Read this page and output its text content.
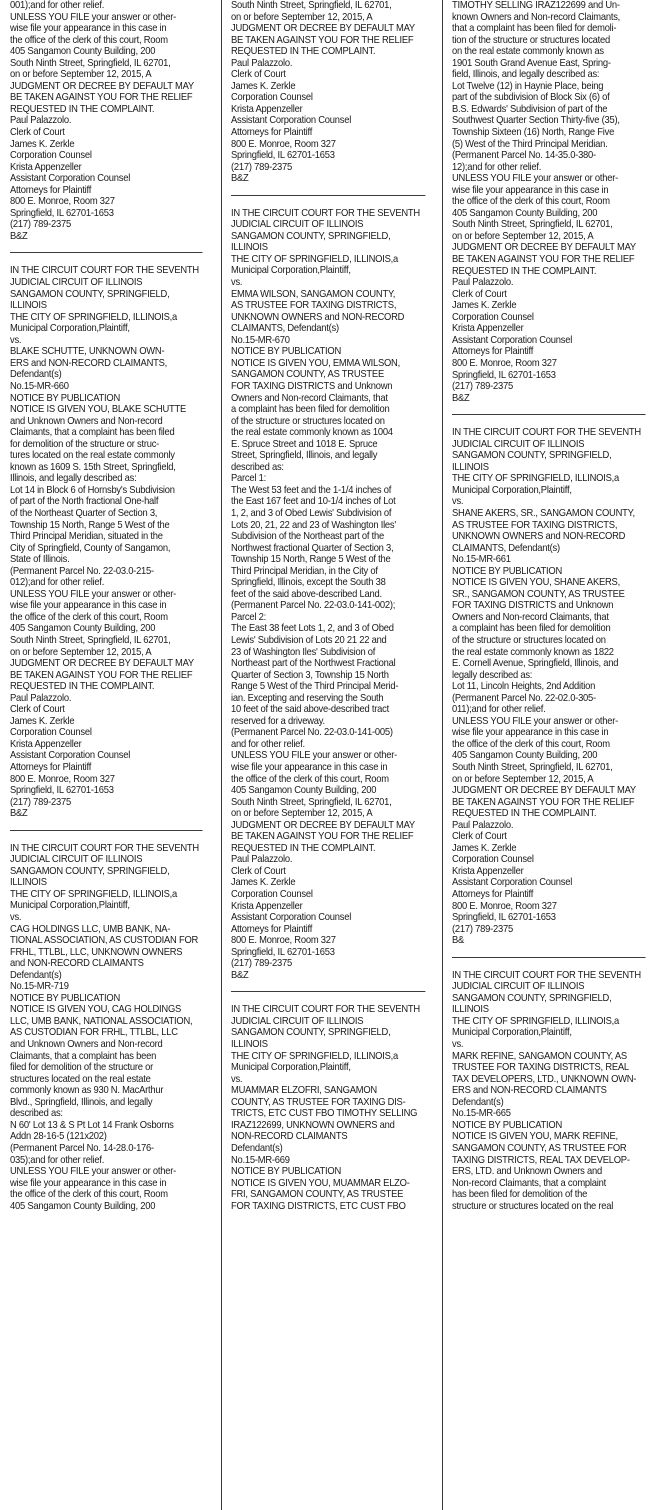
001);and for other relief.
UNLESS YOU FILE your answer or other-
wise file your appearance in this case in
the office of the clerk of this court, Room
405 Sangamon County Building, 200
South Ninth Street, Springfield, IL 62701,
on or before September 12, 2015, A
JUDGMENT OR DECREE BY DEFAULT MAY
BE TAKEN AGAINST YOU FOR THE RELIEF
REQUESTED IN THE COMPLAINT.
Paul Palazzolo.
Clerk of Court
James K. Zerkle
Corporation Counsel
Krista Appenzeller
Assistant Corporation Counsel
Attorneys for Plaintiff
800 E. Monroe, Room 327
Springfield, IL 62701-1653
(217) 789-2375
B&Z
IN THE CIRCUIT COURT FOR THE SEVENTH
JUDICIAL CIRCUIT OF ILLINOIS
SANGAMON COUNTY, SPRINGFIELD,
ILLINOIS
THE CITY OF SPRINGFIELD, ILLINOIS,a
Municipal Corporation,Plaintiff,
vs.
BLAKE SCHUTTE, UNKNOWN OWN-
ERS and NON-RECORD CLAIMANTS,
Defendant(s)
No.15-MR-660
NOTICE BY PUBLICATION
NOTICE IS GIVEN YOU, BLAKE SCHUTTE
and Unknown Owners and Non-record
Claimants, that a complaint has been filed
for demolition of the structure or struc-
tures located on the real estate commonly
known as 1609 S. 15th Street, Springfield,
Illinois, and legally described as:
Lot 14 in Block 6 of Hornsby's Subdivision
of part of the North fractional One-half
of the Northeast Quarter of Section 3,
Township 15 North, Range 5 West of the
Third Principal Meridian, situated in the
City of Springfield, County of Sangamon,
State of Illinois.
(Permanent Parcel No. 22-03.0-215-
012);and for other relief.
UNLESS YOU FILE your answer or other-
wise file your appearance in this case in
the office of the clerk of this court, Room
405 Sangamon County Building, 200
South Ninth Street, Springfield, IL 62701,
on or before September 12, 2015, A
JUDGMENT OR DECREE BY DEFAULT MAY
BE TAKEN AGAINST YOU FOR THE RELIEF
REQUESTED IN THE COMPLAINT.
Paul Palazzolo.
Clerk of Court
James K. Zerkle
Corporation Counsel
Krista Appenzeller
Assistant Corporation Counsel
Attorneys for Plaintiff
800 E. Monroe, Room 327
Springfield, IL 62701-1653
(217) 789-2375
B&Z
IN THE CIRCUIT COURT FOR THE SEVENTH
JUDICIAL CIRCUIT OF ILLINOIS
SANGAMON COUNTY, SPRINGFIELD,
ILLINOIS
THE CITY OF SPRINGFIELD, ILLINOIS,a
Municipal Corporation,Plaintiff,
vs.
CAG HOLDINGS LLC, UMB BANK, NA-
TIONAL ASSOCIATION, AS CUSTODIAN FOR
FRHL, TTLBL, LLC, UNKNOWN OWNERS
and NON-RECORD CLAIMANTS
Defendant(s)
No.15-MR-719
NOTICE BY PUBLICATION
NOTICE IS GIVEN YOU, CAG HOLDINGS
LLC, UMB BANK, NATIONAL ASSOCIATION,
AS CUSTODIAN FOR FRHL, TTLBL, LLC
and Unknown Owners and Non-record
Claimants, that a complaint has been
filed for demolition of the structure or
structures located on the real estate
commonly known as 930 N. MacArthur
Blvd., Springfield, Illinois, and legally
described as:
N 60' Lot 13 & S Pt Lot 14 Frank Osborns
Addn 28-16-5 (121x202)
(Permanent Parcel No. 14-28.0-176-
035);and for other relief.
UNLESS YOU FILE your answer or other-
wise file your appearance in this case in
the office of the clerk of this court, Room
405 Sangamon County Building, 200
South Ninth Street, Springfield, IL 62701,
on or before September 12, 2015, A
JUDGMENT OR DECREE BY DEFAULT MAY
BE TAKEN AGAINST YOU FOR THE RELIEF
REQUESTED IN THE COMPLAINT.
Paul Palazzolo.
Clerk of Court
James K. Zerkle
Corporation Counsel
Krista Appenzeller
Assistant Corporation Counsel
Attorneys for Plaintiff
800 E. Monroe, Room 327
Springfield, IL 62701-1653
(217) 789-2375
B&Z
IN THE CIRCUIT COURT FOR THE SEVENTH
JUDICIAL CIRCUIT OF ILLINOIS
SANGAMON COUNTY, SPRINGFIELD,
ILLINOIS
THE CITY OF SPRINGFIELD, ILLINOIS,a
Municipal Corporation,Plaintiff,
vs.
EMMA WILSON, SANGAMON COUNTY,
AS TRUSTEE FOR TAXING DISTRICTS,
UNKNOWN OWNERS and NON-RECORD
CLAIMANTS, Defendant(s)
No.15-MR-670
NOTICE BY PUBLICATION
NOTICE IS GIVEN YOU, EMMA WILSON,
SANGAMON COUNTY, AS TRUSTEE
FOR TAXING DISTRICTS and Unknown
Owners and Non-record Claimants, that
a complaint has been filed for demolition
of the structure or structures located on
the real estate commonly known as 1004
E. Spruce Street and 1018 E. Spruce
Street, Springfield, Illinois, and legally
described as:
Parcel 1:
The West 53 feet and the 1-1/4 inches of
the East 167 feet and 10-1/4 inches of Lot
1, 2, and 3 of Obed Lewis' Subdivision of
Lots 20, 21, 22 and 23 of Washington Iles'
Subdivision of the Northeast part of the
Northwest fractional Quarter of Section 3,
Township 15 North, Range 5 West of the
Third Principal Meridian, in the City of
Springfield, Illinois, except the South 38
feet of the said above-described Land.
(Permanent Parcel No. 22-03.0-141-002);
Parcel 2:
The East 38 feet Lots 1, 2, and 3 of Obed
Lewis' Subdivision of Lots 20 21 22 and
23 of Washington Iles' Subdivision of
Northeast part of the Northwest Fractional
Quarter of Section 3, Township 15 North
Range 5 West of the Third Principal Merid-
ian. Excepting and reserving the South
10 feet of the said above-described tract
reserved for a driveway.
(Permanent Parcel No. 22-03.0-141-005)
and for other relief.
UNLESS YOU FILE your answer or other-
wise file your appearance in this case in
the office of the clerk of this court, Room
405 Sangamon County Building, 200
South Ninth Street, Springfield, IL 62701,
on or before September 12, 2015, A
JUDGMENT OR DECREE BY DEFAULT MAY
BE TAKEN AGAINST YOU FOR THE RELIEF
REQUESTED IN THE COMPLAINT.
Paul Palazzolo.
Clerk of Court
James K. Zerkle
Corporation Counsel
Krista Appenzeller
Assistant Corporation Counsel
Attorneys for Plaintiff
800 E. Monroe, Room 327
Springfield, IL 62701-1653
(217) 789-2375
B&Z
IN THE CIRCUIT COURT FOR THE SEVENTH
JUDICIAL CIRCUIT OF ILLINOIS
SANGAMON COUNTY, SPRINGFIELD,
ILLINOIS
THE CITY OF SPRINGFIELD, ILLINOIS,a
Municipal Corporation,Plaintiff,
vs.
MUAMMAR ELZOFRI, SANGAMON
COUNTY, AS TRUSTEE FOR TAXING DIS-
TRICTS, ETC CUST FBO TIMOTHY SELLING
IRAZ122699, UNKNOWN OWNERS and
NON-RECORD CLAIMANTS
Defendant(s)
No.15-MR-669
NOTICE BY PUBLICATION
NOTICE IS GIVEN YOU, MUAMMAR ELZO-
FRI, SANGAMON COUNTY, AS TRUSTEE
FOR TAXING DISTRICTS, ETC CUST FBO
TIMOTHY SELLING IRAZ122699 and Un-
known Owners and Non-record Claimants,
that a complaint has been filed for demoli-
tion of the structure or structures located
on the real estate commonly known as
1901 South Grand Avenue East, Spring-
field, Illinois, and legally described as:
Lot Twelve (12) in Haynie Place, being
part of the subdivision of Block Six (6) of
B.S. Edwards' Subdivision of part of the
Southwest Quarter Section Thirty-five (35),
Township Sixteen (16) North, Range Five
(5) West of the Third Principal Meridian.
(Permanent Parcel No. 14-35.0-380-
12);and for other relief.
UNLESS YOU FILE your answer or other-
wise file your appearance in this case in
the office of the clerk of this court, Room
405 Sangamon County Building, 200
South Ninth Street, Springfield, IL 62701,
on or before September 12, 2015, A
JUDGMENT OR DECREE BY DEFAULT MAY
BE TAKEN AGAINST YOU FOR THE RELIEF
REQUESTED IN THE COMPLAINT.
Paul Palazzolo.
Clerk of Court
James K. Zerkle
Corporation Counsel
Krista Appenzeller
Assistant Corporation Counsel
Attorneys for Plaintiff
800 E. Monroe, Room 327
Springfield, IL 62701-1653
(217) 789-2375
B&Z
IN THE CIRCUIT COURT FOR THE SEVENTH
JUDICIAL CIRCUIT OF ILLINOIS
SANGAMON COUNTY, SPRINGFIELD,
ILLINOIS
THE CITY OF SPRINGFIELD, ILLINOIS,a
Municipal Corporation,Plaintiff,
vs.
SHANE AKERS, SR., SANGAMON COUNTY,
AS TRUSTEE FOR TAXING DISTRICTS,
UNKNOWN OWNERS and NON-RECORD
CLAIMANTS, Defendant(s)
No.15-MR-661
NOTICE BY PUBLICATION
NOTICE IS GIVEN YOU, SHANE AKERS,
SR., SANGAMON COUNTY, AS TRUSTEE
FOR TAXING DISTRICTS and Unknown
Owners and Non-record Claimants, that
a complaint has been filed for demolition
of the structure or structures located on
the real estate commonly known as 1822
E. Cornell Avenue, Springfield, Illinois, and
legally described as:
Lot 11, Lincoln Heights, 2nd Addition
(Permanent Parcel No. 22-02.0-305-
011);and for other relief.
UNLESS YOU FILE your answer or other-
wise file your appearance in this case in
the office of the clerk of this court, Room
405 Sangamon County Building, 200
South Ninth Street, Springfield, IL 62701,
on or before September 12, 2015, A
JUDGMENT OR DECREE BY DEFAULT MAY
BE TAKEN AGAINST YOU FOR THE RELIEF
REQUESTED IN THE COMPLAINT.
Paul Palazzolo.
Clerk of Court
James K. Zerkle
Corporation Counsel
Krista Appenzeller
Assistant Corporation Counsel
Attorneys for Plaintiff
800 E. Monroe, Room 327
Springfield, IL 62701-1653
(217) 789-2375
B&
IN THE CIRCUIT COURT FOR THE SEVENTH
JUDICIAL CIRCUIT OF ILLINOIS
SANGAMON COUNTY, SPRINGFIELD,
ILLINOIS
THE CITY OF SPRINGFIELD, ILLINOIS,a
Municipal Corporation,Plaintiff,
vs.
MARK REFINE, SANGAMON COUNTY, AS
TRUSTEE FOR TAXING DISTRICTS, REAL
TAX DEVELOPERS, LTD., UNKNOWN OWN-
ERS and NON-RECORD CLAIMANTS
Defendant(s)
No.15-MR-665
NOTICE BY PUBLICATION
NOTICE IS GIVEN YOU, MARK REFINE,
SANGAMON COUNTY, AS TRUSTEE FOR
TAXING DISTRICTS, REAL TAX DEVELOP-
ERS, LTD. and Unknown Owners and
Non-record Claimants, that a complaint
has been filed for demolition of the
structure or structures located on the real
